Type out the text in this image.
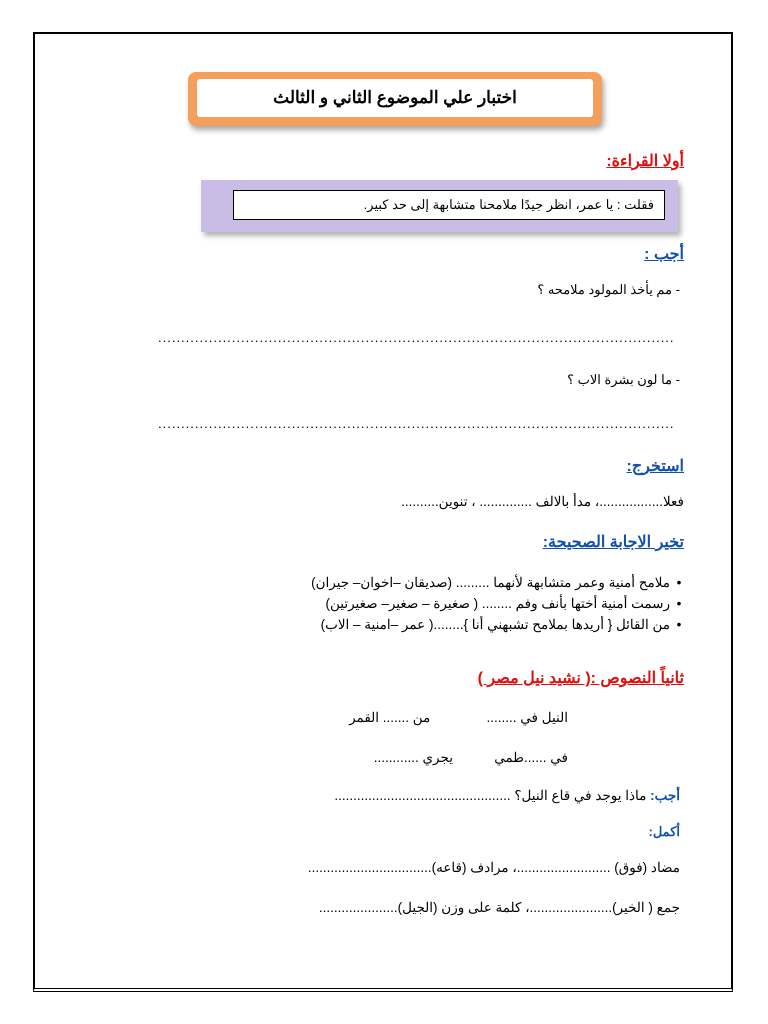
اختبار علي الموضوع الثاني و الثالث
أولا القراءة:
فقلت : يا عمر، انظر جيدًا ملامحنا متشابهة إلى حد كبير.
أجب :
- مم يأخذ المولود ملامحه ؟
................................................................................................................
- ما لون بشرة الاب ؟
................................................................................................................
استخرج:
فعلا.................، مدأ بالالف .............. ، تنوين..........
تخير الاجابة الصحيحة:
• ملامح أمنية وعمر متشابهة لأنهما ......... (صديقان –اخوان– جيران)
• رسمت أمنية أختها بأنف وفم ........ ( صغيرة – صغير– صغيرتين)
• من القائل { أريدها بملامح تشبهني أنا }........( عمر –امنية – الاب)
ثانياً النصوص :( نشيد نيل مصر )
النيل في ........               من ....... القمر
في ......طمي           يجري ............
أجب: ماذا يوجد في قاع النيل؟ ...............................................
أكمل:
مضاد (فوق) .........................، مرادف (قاعه).................................
جمع ( الخير)......................، كلمة على وزن (الجيل).....................
